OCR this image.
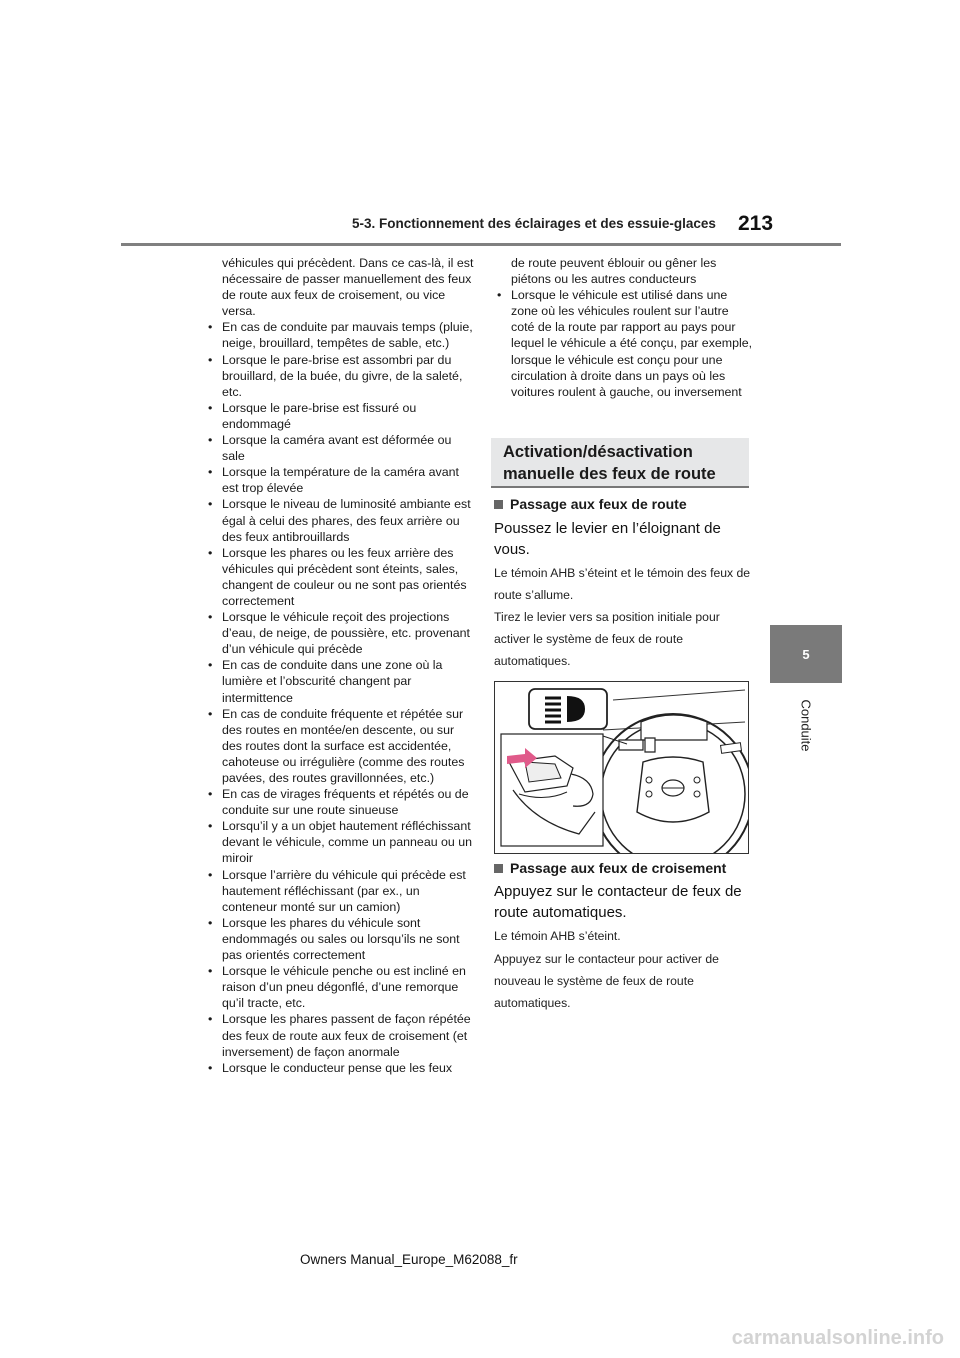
5-3. Fonctionnement des éclairages et des essuie-glaces 213
5
Conduite
véhicules qui précèdent. Dans ce cas-là, il est nécessaire de passer manuellement des feux de route aux feux de croisement, ou vice versa.
• En cas de conduite par mauvais temps (pluie, neige, brouillard, tempêtes de sable, etc.)
• Lorsque le pare-brise est assombri par du brouillard, de la buée, du givre, de la saleté, etc.
• Lorsque le pare-brise est fissuré ou endommagé
• Lorsque la caméra avant est déformée ou sale
• Lorsque la température de la caméra avant est trop élevée
• Lorsque le niveau de luminosité ambiante est égal à celui des phares, des feux arrière ou des feux antibrouillards
• Lorsque les phares ou les feux arrière des véhicules qui précèdent sont éteints, sales, changent de couleur ou ne sont pas orientés correctement
• Lorsque le véhicule reçoit des projections d’eau, de neige, de poussière, etc. provenant d’un véhicule qui précède
• En cas de conduite dans une zone où la lumière et l’obscurité changent par intermittence
• En cas de conduite fréquente et répétée sur des routes en montée/en descente, ou sur des routes dont la surface est accidentée, cahoteuse ou irrégulière (comme des routes pavées, des routes gravillonnées, etc.)
• En cas de virages fréquents et répétés ou de conduite sur une route sinueuse
• Lorsqu’il y a un objet hautement réfléchissant devant le véhicule, comme un panneau ou un miroir
• Lorsque l’arrière du véhicule qui précède est hautement réfléchissant (par ex., un conteneur monté sur un camion)
• Lorsque les phares du véhicule sont endommagés ou sales ou lorsqu’ils ne sont pas orientés correctement
• Lorsque le véhicule penche ou est incliné en raison d’un pneu dégonflé, d’une remorque qu’il tracte, etc.
• Lorsque les phares passent de façon répétée des feux de route aux feux de croisement (et inversement) de façon anormale
• Lorsque le conducteur pense que les feux
de route peuvent éblouir ou gêner les piétons ou les autres conducteurs
• Lorsque le véhicule est utilisé dans une zone où les véhicules roulent sur l’autre coté de la route par rapport au pays pour lequel le véhicule a été conçu, par exemple, lorsque le véhicule est conçu pour une circulation à droite dans un pays où les voitures roulent à gauche, ou inversement
Activation/désactivation
manuelle des feux de route
Passage aux feux de route
Poussez le levier en l’éloignant de vous.
Le témoin AHB s’éteint et le témoin des feux de route s’allume.
Tirez le levier vers sa position initiale pour activer le système de feux de route automatiques.
Passage aux feux de croisement
Appuyez sur le contacteur de feux de route automatiques.
Le témoin AHB s’éteint.
Appuyez sur le contacteur pour activer de nouveau le système de feux de route automatiques.
Owners Manual_Europe_M62088_fr
carmanualsonline.info
